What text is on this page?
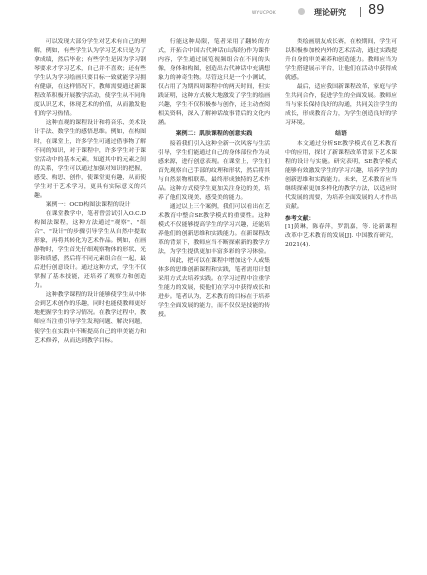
WYUCPOK	理论研究 89

可以发现大部分学生对艺术有自己的理解，例如，有些学生认为学习艺术只是为了拿成绩，然后毕业；有些学生是因为学习钢琴要求才学习艺术，自己并不喜欢；还有些学生认为学习绘画只要目标一致就能学习拥有健康，在这样情况下，教师需要通过新课程改革积极开展教学活动，使学生从不同角度认识艺术，体现艺术的价值，从而激发他们的学习热情。

这种直观的课程设计和将音乐、美术设计手法、数学生的感悟思维。例如，在构图时，在课堂上，许多学生可通过借事物了解不同的知识，对于课程中，许多学生对于课堂活动中的基本元素，知道其中的元素之间的关系，学生可以通过加强对知识的把握，感受、构思、创作，使课堂更有趣，从而使学生对于艺术学习，更具有实际意义的兴趣。

案例一：OCD构图法课程的设计

在课堂教学中，笔者曾尝试引入O.C.D构图法课程，这种方法通过"观察"、"组合"、"设计"的步骤引导学生从自然中提取形象，再将其转化为艺术作品。例如，在画静物时，学生首先仔细观察物体的形状、光影和质感，然后将不同元素组合在一起，最后进行创意设计。通过这种方式，学生不仅掌握了基本技能，还培养了观察力和创造力。

这种教学课程的设计能够使学生从中体会到艺术创作的乐趣，同时也能使教师更好地把握学生的学习情况。在教学过程中，教师应当注重引导学生发现问题、解决问题，使学生在实践中不断提高自己的审美能力和艺术修养，从而达到教学目标。

行能这种局限，笔者采用了翻转的方式，开拓合中国古代神话(山海经)作为课件内容，学生通过展览视频组合在不同的头像，身体和构图，创造出古代神话中充满想象力的神奇生物。尽管这只是一个小测试，仅占用了为期四周课程中的两天时间，但实践证明，这种方式极大地激发了学生的绘画兴趣，学生不仅积极参与创作，还主动查阅相关资料，深入了解神话故事背后的文化内涵。

案例二：肌肤课程的创意实践

接着我们引入这种全新一次风客与生活引导，学生们能通过自己的身体部位作为灵感来源，进行创意表现。在课堂上，学生们首先观察自己手部的纹理和形状，然后将其与自然景物相联系，最终形成独特的艺术作品。这种方式使学生更加关注身边的美，培养了他们发现美、感受美的能力。

通过以上三个案例，我们可以看出在艺术教育中整合SE教学模式的重要性。这种模式不仅能够提高学生的学习兴趣，还能培养他们的创新思维和实践能力。在新课程改革的背景下，教师应当不断探索新的教学方法，为学生提供更加丰富多彩的学习体验。

因此，把可以在课程中增加这个人或集体多的思维创新课程和实践，笔者需用计划采用方式去培养实践。在学习过程中注重学生能力的发展，使他们在学习中获得成长和进步。笔者认为，艺术教育的目标在于培养学生全面发展的能力，而不仅仅是技能的传授。

类绘画朋友成长赛，在校期间，学生可以积极参加校内外的艺术活动，通过实践提升自身的审美素养和创造能力。教师应当为学生搭建展示平台，让他们在活动中获得成就感。

最后，适应我国新课程改革，家庭与学生共同合作，促进学生的全面发展。教师应当与家长保持良好的沟通，共同关注学生的成长，形成教育合力，为学生创造良好的学习环境。

结语

本文通过分析SE教学模式在艺术教育中的应用，探讨了新课程改革背景下艺术课程的设计与实施。研究表明，SE教学模式能够有效激发学生的学习兴趣，培养学生的创新思维和实践能力。未来，艺术教育应当继续探索更加多样化的教学方法，以适应时代发展的需要，为培养全面发展的人才作出贡献。

参考文献：

[1]黄琳，陈春萍，罗凯嘉，等. 论新课程改革中艺术教育的发展[J]. 中国教育研究，2021(4).
